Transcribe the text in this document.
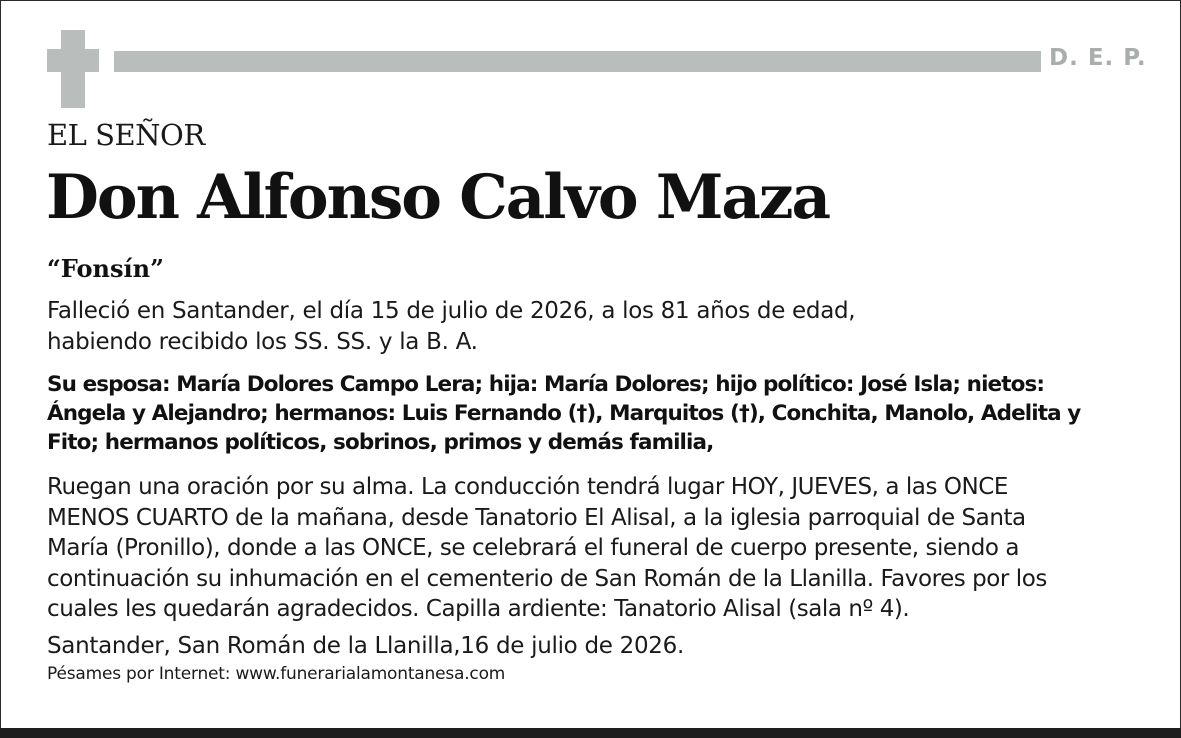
D. E. P.
EL SEÑOR
Don Alfonso Calvo Maza
“Fonsín”
Falleció en Santander, el día 15 de julio de 2026, a los 81 años de edad,
habiendo recibido los SS. SS. y la B. A.
Su esposa: María Dolores Campo Lera; hija: María Dolores; hijo político: José Isla; nietos:
Ángela y Alejandro; hermanos: Luis Fernando (†), Marquitos (†), Conchita, Manolo, Adelita y
Fito; hermanos políticos, sobrinos, primos y demás familia,
Ruegan una oración por su alma. La conducción tendrá lugar HOY, JUEVES, a las ONCE
MENOS CUARTO de la mañana, desde Tanatorio El Alisal, a la iglesia parroquial de Santa
María (Pronillo), donde a las ONCE, se celebrará el funeral de cuerpo presente, siendo a
continuación su inhumación en el cementerio de San Román de la Llanilla. Favores por los
cuales les quedarán agradecidos. Capilla ardiente: Tanatorio Alisal (sala nº 4).
Santander, San Román de la Llanilla,16 de julio de 2026.
Pésames por Internet: www.funerarialamontanesa.com
